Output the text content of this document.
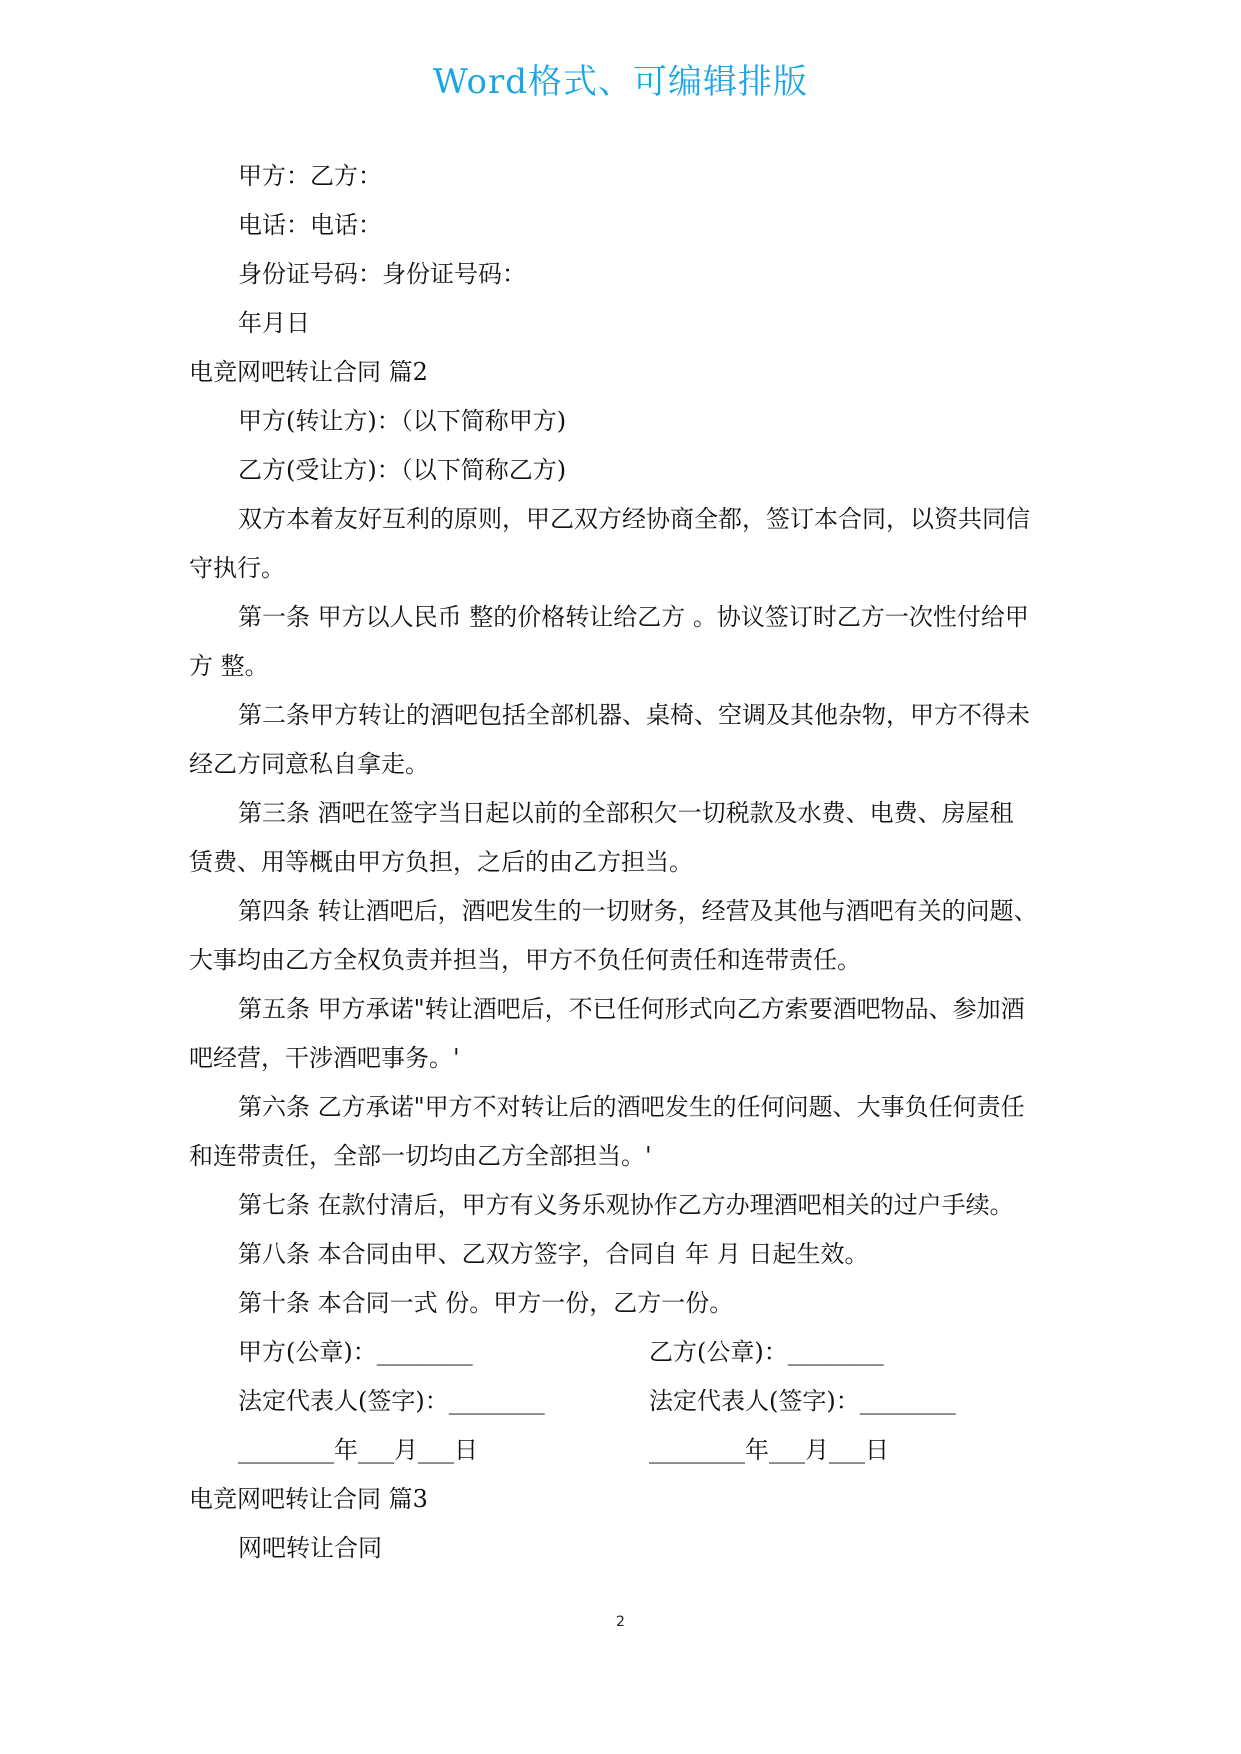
Word格式、可编辑排版
甲方：乙方：
电话：电话：
身份证号码：身份证号码：
年月日
电竞网吧转让合同 篇2
甲方(转让方)：（以下简称甲方)
乙方(受让方)：（以下简称乙方)
双方本着友好互利的原则，甲乙双方经协商全都，签订本合同，以资共同信
守执行。
第一条 甲方以人民币 整的价格转让给乙方 。协议签订时乙方一次性付给甲
方 整。
第二条甲方转让的酒吧包括全部机器、桌椅、空调及其他杂物，甲方不得未
经乙方同意私自拿走。
第三条 酒吧在签字当日起以前的全部积欠一切税款及水费、电费、房屋租
赁费、用等概由甲方负担，之后的由乙方担当。
第四条 转让酒吧后，酒吧发生的一切财务，经营及其他与酒吧有关的问题、
大事均由乙方全权负责并担当，甲方不负任何责任和连带责任。
第五条 甲方承诺"转让酒吧后，不已任何形式向乙方索要酒吧物品、参加酒
吧经营，干涉酒吧事务。'
第六条 乙方承诺"甲方不对转让后的酒吧发生的任何问题、大事负任何责任
和连带责任，全部一切均由乙方全部担当。'
第七条 在款付清后，甲方有义务乐观协作乙方办理酒吧相关的过户手续。
第八条 本合同由甲、乙双方签字，合同自 年 月 日起生效。
第十条 本合同一式 份。甲方一份，乙方一份。
甲方(公章)：________	乙方(公章)：________
法定代表人(签字)：________	法定代表人(签字)：________
________年___月___日	________年___月___日
电竞网吧转让合同 篇3
网吧转让合同
2
